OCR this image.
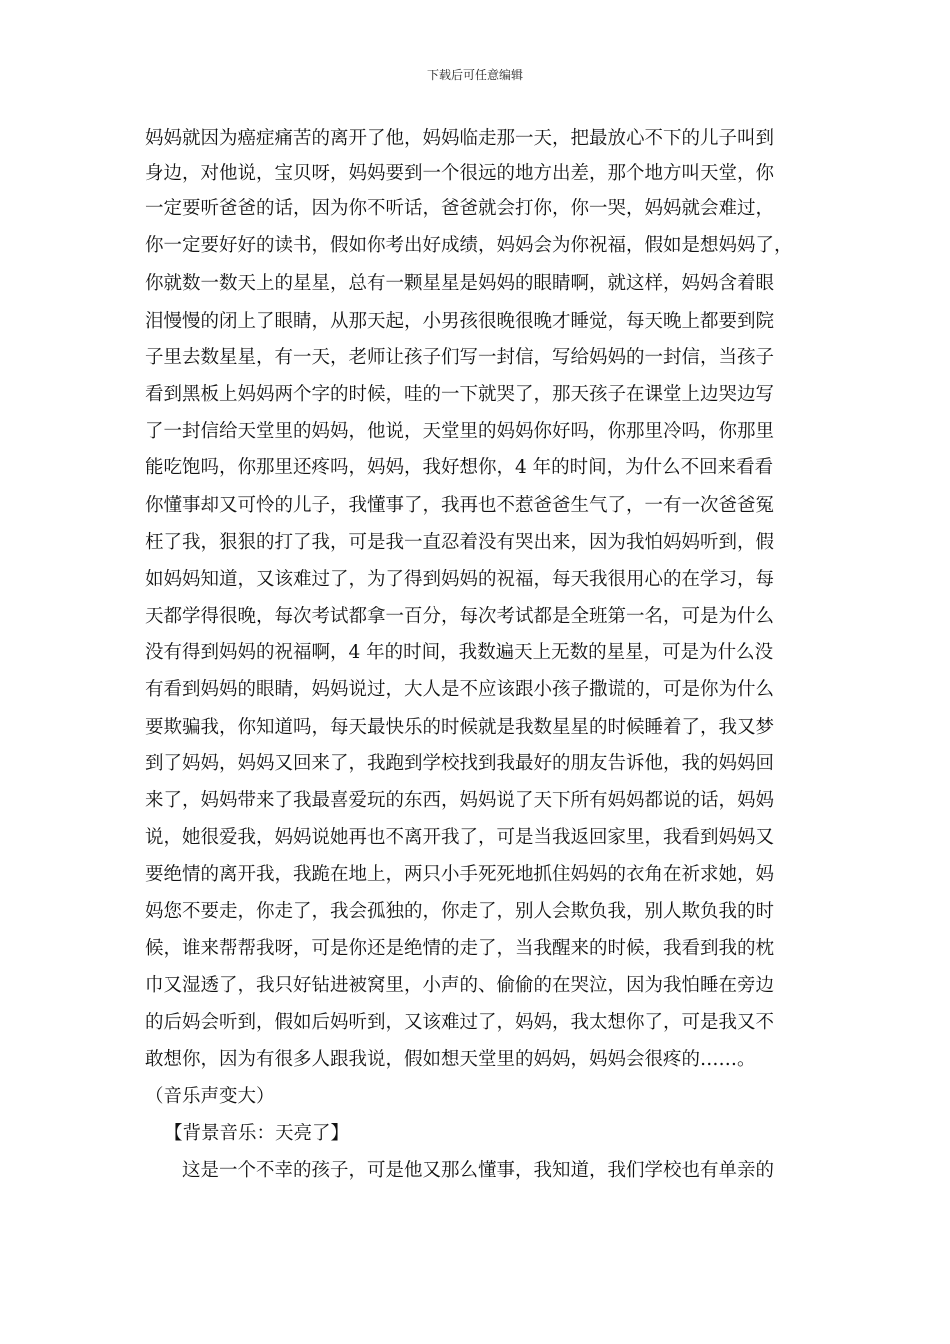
下载后可任意编辑
妈妈就因为癌症痛苦的离开了他，妈妈临走那一天，把最放心不下的儿子叫到
身边，对他说，宝贝呀，妈妈要到一个很远的地方出差，那个地方叫天堂，你
一定要听爸爸的话，因为你不听话，爸爸就会打你，你一哭，妈妈就会难过，
你一定要好好的读书，假如你考出好成绩，妈妈会为你祝福，假如是想妈妈了，
你就数一数天上的星星，总有一颗星星是妈妈的眼睛啊，就这样，妈妈含着眼
泪慢慢的闭上了眼睛，从那天起，小男孩很晚很晚才睡觉，每天晚上都要到院
子里去数星星，有一天，老师让孩子们写一封信，写给妈妈的一封信，当孩子
看到黑板上妈妈两个字的时候，哇的一下就哭了，那天孩子在课堂上边哭边写
了一封信给天堂里的妈妈，他说，天堂里的妈妈你好吗，你那里冷吗，你那里
能吃饱吗，你那里还疼吗，妈妈，我好想你，4 年的时间，为什么不回来看看
你懂事却又可怜的儿子，我懂事了，我再也不惹爸爸生气了，一有一次爸爸冤
枉了我，狠狠的打了我，可是我一直忍着没有哭出来，因为我怕妈妈听到，假
如妈妈知道，又该难过了，为了得到妈妈的祝福，每天我很用心的在学习，每
天都学得很晚，每次考试都拿一百分，每次考试都是全班第一名，可是为什么
没有得到妈妈的祝福啊，4 年的时间，我数遍天上无数的星星，可是为什么没
有看到妈妈的眼睛，妈妈说过，大人是不应该跟小孩子撒谎的，可是你为什么
要欺骗我，你知道吗，每天最快乐的时候就是我数星星的时候睡着了，我又梦
到了妈妈，妈妈又回来了，我跑到学校找到我最好的朋友告诉他，我的妈妈回
来了，妈妈带来了我最喜爱玩的东西，妈妈说了天下所有妈妈都说的话，妈妈
说，她很爱我，妈妈说她再也不离开我了，可是当我返回家里，我看到妈妈又
要绝情的离开我，我跪在地上，两只小手死死地抓住妈妈的衣角在祈求她，妈
妈您不要走，你走了，我会孤独的，你走了，别人会欺负我，别人欺负我的时
候，谁来帮帮我呀，可是你还是绝情的走了，当我醒来的时候，我看到我的枕
巾又湿透了，我只好钻进被窝里，小声的、偷偷的在哭泣，因为我怕睡在旁边
的后妈会听到，假如后妈听到，又该难过了，妈妈，我太想你了，可是我又不
敢想你，因为有很多人跟我说，假如想天堂里的妈妈，妈妈会很疼的……。
（音乐声变大）
【背景音乐：天亮了】
这是一个不幸的孩子，可是他又那么懂事，我知道，我们学校也有单亲的
